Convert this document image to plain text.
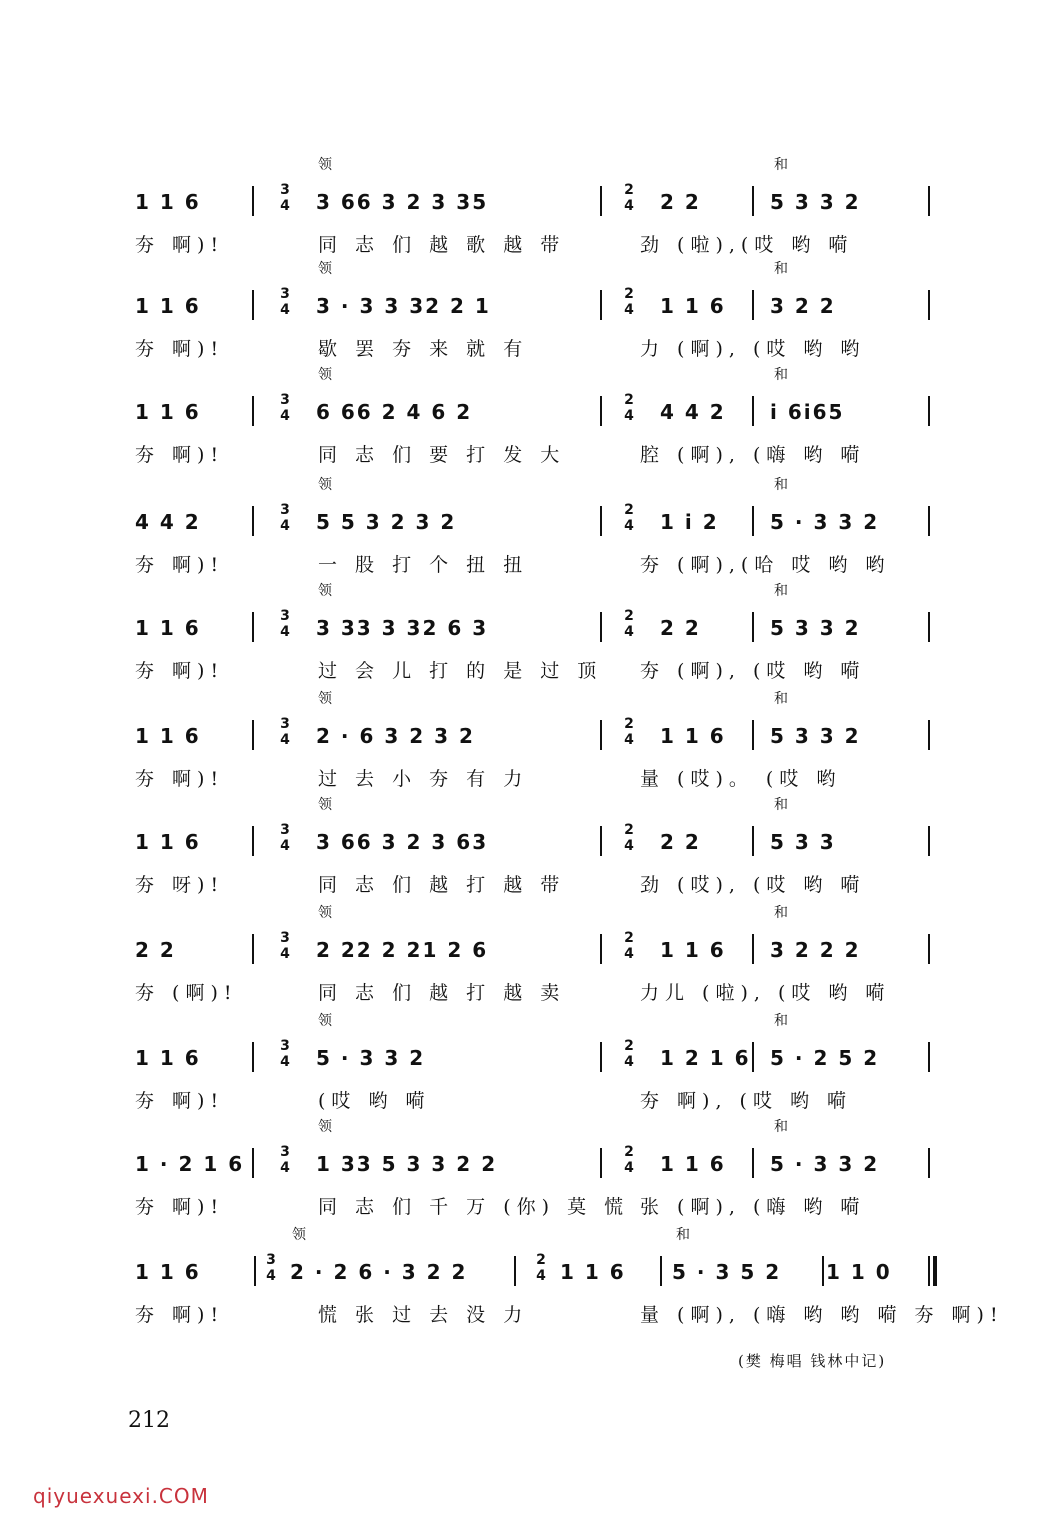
1 1 6	3 66 3 2 3 35	2 2	5 3 3 2
3
4
2
4
领	和
夯 啊)!	同 志 们 越 歌 越 带	劲 (啦),(哎 哟 嗬
1 1 6	3 · 3 3 32 2 1	1 1 6 3 2 2
3
4
2
4
领	和
夯 啊)!	歇 罢 夯 来 就 有	力 (啊), (哎 哟 哟
1 1 6	6 66 2 4 6 2	4 4 2 i 6i65
3
4
2
4
领	和
夯 啊)!	同 志 们 要 打 发 大	腔 (啊), (嗨 哟 嗬
4 4 2	5 5 3 2 3 2	1 i 2	5 · 3 3 2
3
4
2
4
领	和
夯 啊)!	一 股 打 个 扭 扭	夯 (啊),(哈 哎 哟 哟
1 1 6	3 33 3 32 6 3	2 2	5 3 3 2
3
4
2
4
领	和
夯 啊)!	过 会 儿 打 的 是 过 顶 夯 (啊), (哎 哟 嗬
1 1 6	2 · 6 3 2 3 2	1 1 6 5 3 3 2
3
4
2
4
领	和
夯 啊)!	过 去 小 夯 有 力	量 (哎)。 (哎 哟
1 1 6	3 66 3 2 3 63	2 2	5 3 3
3
4
2
4
领	和
夯 呀)!	同 志 们 越 打 越 带	劲 (哎), (哎 哟 嗬
2 2	2 22 2 21 2 6	1 1 6 3 2 2 2
3
4
2
4
领	和
夯 (啊)!	同 志 们 越 打 越 卖	力儿 (啦), (哎 哟 嗬
1 1 6	5 · 3 3 2	1 2 1 6 5 · 2 5 2
3
4
2
4
领	和
夯 啊)!	(哎 哟 嗬	夯 啊), (哎 哟 嗬
1 · 2 1 6	1 33 5 3 3 2 2	1 1 6 5 · 3 3 2
3
4
2
4
领	和
夯 啊)!	同 志 们 千 万 (你) 莫 慌 张 (啊), (嗨 哟 嗬
1 1 6	2 · 2 6 · 3 2 2	1 1 6 5 · 3 5 2 1 1 0
3
4
2
4
领	和
夯 啊)!	慌 张 过 去 没 力	量 (啊), (嗨 哟 哟 嗬 夯 啊)!
(樊 梅唱 钱林中记)
212
qiyuexuexi.COM
